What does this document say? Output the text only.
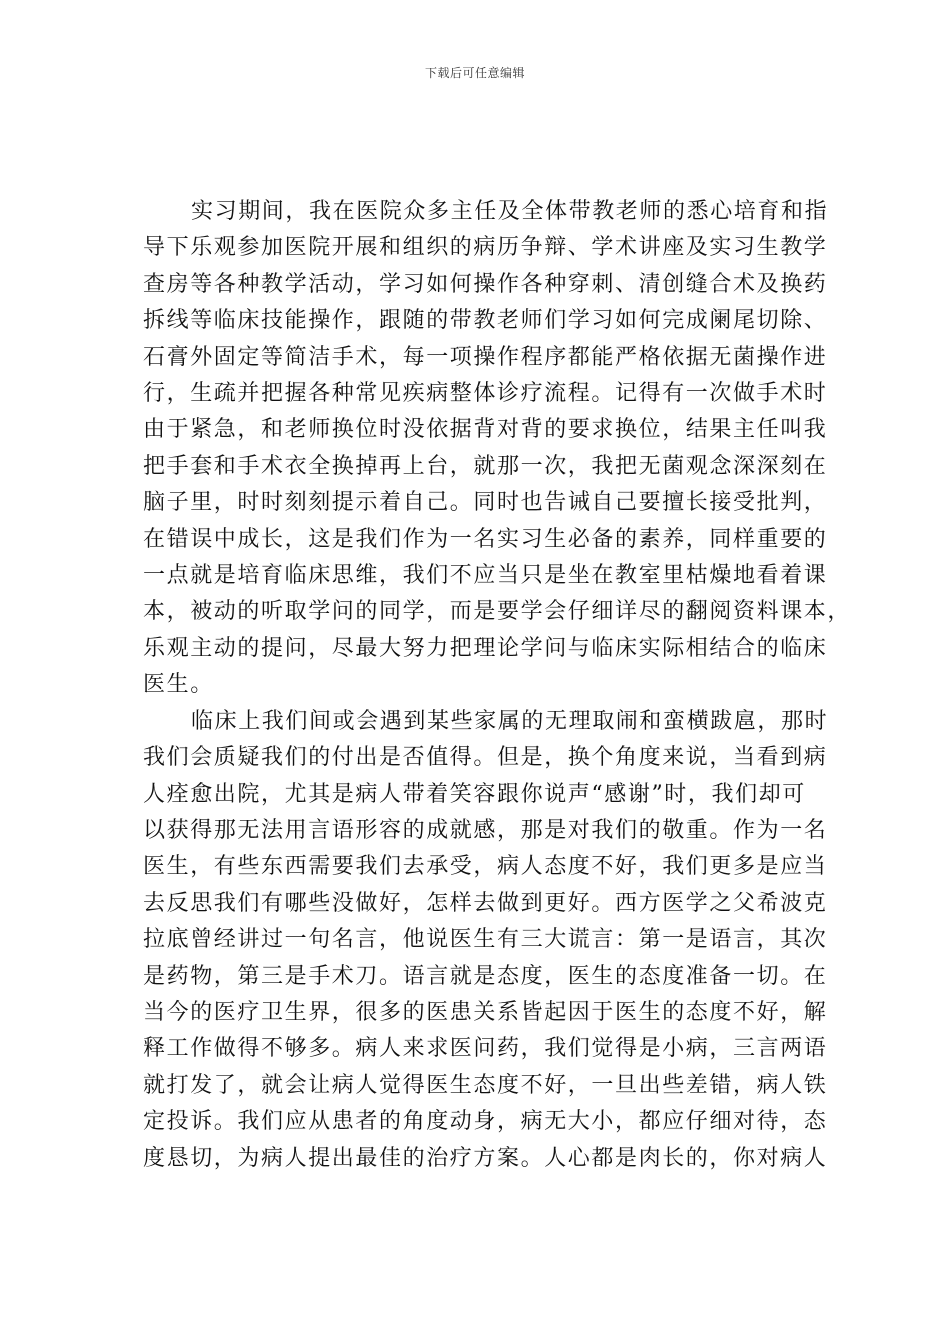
下载后可任意编辑

实习期间，我在医院众多主任及全体带教老师的悉心培育和指
导下乐观参加医院开展和组织的病历争辩、学术讲座及实习生教学
查房等各种教学活动，学习如何操作各种穿刺、清创缝合术及换药
拆线等临床技能操作，跟随的带教老师们学习如何完成阑尾切除、
石膏外固定等简洁手术，每一项操作程序都能严格依据无菌操作进
行，生疏并把握各种常见疾病整体诊疗流程。记得有一次做手术时
由于紧急，和老师换位时没依据背对背的要求换位，结果主任叫我
把手套和手术衣全换掉再上台，就那一次，我把无菌观念深深刻在
脑子里，时时刻刻提示着自己。同时也告诫自己要擅长接受批判，
在错误中成长，这是我们作为一名实习生必备的素养，同样重要的
一点就是培育临床思维，我们不应当只是坐在教室里枯燥地看着课
本，被动的听取学问的同学，而是要学会仔细详尽的翻阅资料课本，
乐观主动的提问，尽最大努力把理论学问与临床实际相结合的临床
医生。

临床上我们间或会遇到某些家属的无理取闹和蛮横跋扈，那时
我们会质疑我们的付出是否值得。但是，换个角度来说，当看到病
人痊愈出院，尤其是病人带着笑容跟你说声“感谢”时，我们却可
以获得那无法用言语形容的成就感，那是对我们的敬重。作为一名
医生，有些东西需要我们去承受，病人态度不好，我们更多是应当
去反思我们有哪些没做好，怎样去做到更好。西方医学之父希波克
拉底曾经讲过一句名言，他说医生有三大谎言：第一是语言，其次
是药物，第三是手术刀。语言就是态度，医生的态度准备一切。在
当今的医疗卫生界，很多的医患关系皆起因于医生的态度不好，解
释工作做得不够多。病人来求医问药，我们觉得是小病，三言两语
就打发了，就会让病人觉得医生态度不好，一旦出些差错，病人铁
定投诉。我们应从患者的角度动身，病无大小，都应仔细对待，态
度恳切，为病人提出最佳的治疗方案。人心都是肉长的，你对病人
